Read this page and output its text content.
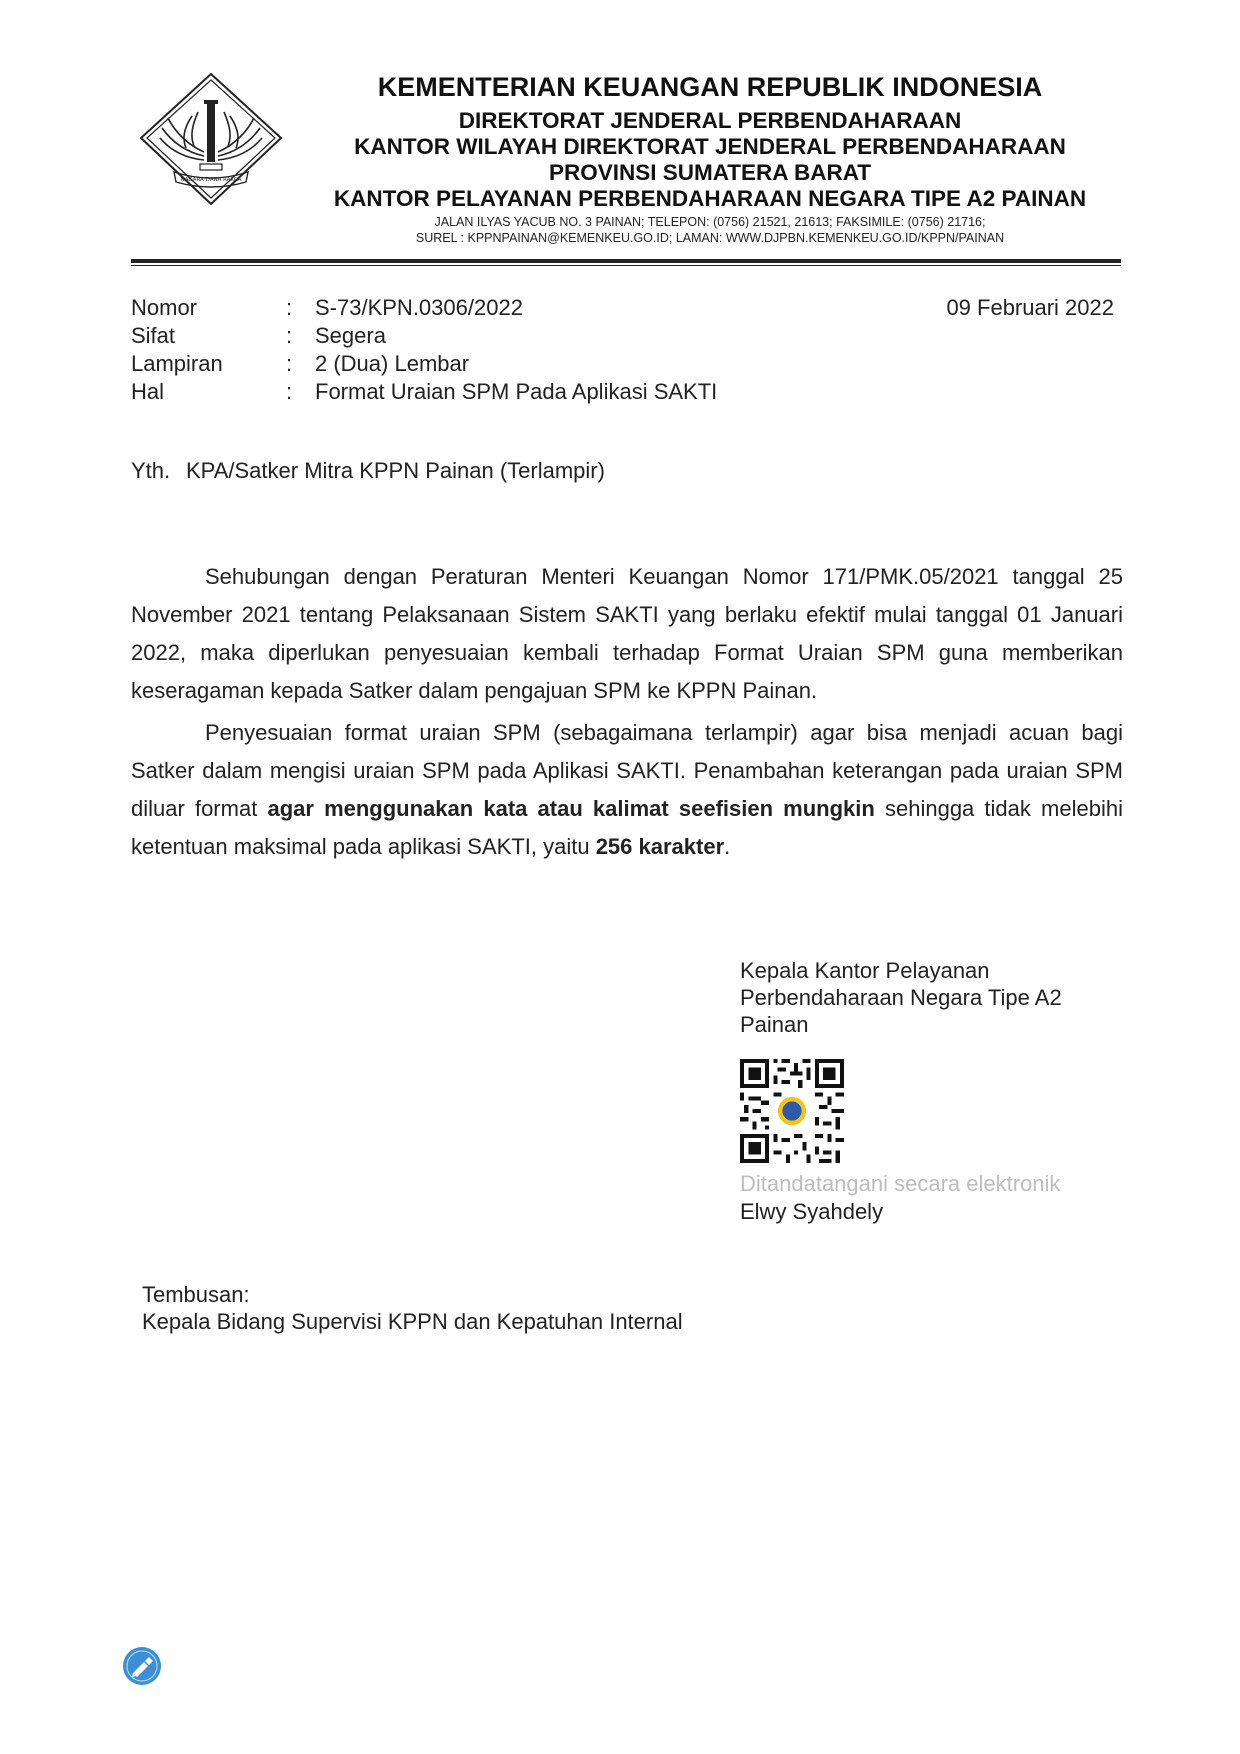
NAGARA DANA RAKCA
KEMENTERIAN KEUANGAN REPUBLIK INDONESIA
DIREKTORAT JENDERAL PERBENDAHARAAN
KANTOR WILAYAH DIREKTORAT JENDERAL PERBENDAHARAAN
PROVINSI SUMATERA BARAT
KANTOR PELAYANAN PERBENDAHARAAN NEGARA TIPE A2 PAINAN
JALAN ILYAS YACUB NO. 3 PAINAN; TELEPON: (0756) 21521, 21613; FAKSIMILE: (0756) 21716;
SUREL : KPPNPAINAN@KEMENKEU.GO.ID; LAMAN: WWW.DJPBN.KEMENKEU.GO.ID/KPPN/PAINAN
Nomor	: S-73/KPN.0306/2022	09 Februari 2022
Sifat	: Segera
Lampiran	: 2 (Dua) Lembar
Hal	: Format Uraian SPM Pada Aplikasi SAKTI
Yth. KPA/Satker Mitra KPPN Painan (Terlampir)
Sehubungan dengan Peraturan Menteri Keuangan Nomor 171/PMK.05/2021 tanggal 25 November 2021 tentang Pelaksanaan Sistem SAKTI yang berlaku efektif mulai tanggal 01 Januari 2022, maka diperlukan penyesuaian kembali terhadap Format Uraian SPM guna memberikan keseragaman kepada Satker dalam pengajuan SPM ke KPPN Painan.
Penyesuaian format uraian SPM (sebagaimana terlampir) agar bisa menjadi acuan bagi Satker dalam mengisi uraian SPM pada Aplikasi SAKTI. Penambahan keterangan pada uraian SPM diluar format agar menggunakan kata atau kalimat seefisien mungkin sehingga tidak melebihi ketentuan maksimal pada aplikasi SAKTI, yaitu 256 karakter.
Kepala Kantor Pelayanan
Perbendaharaan Negara Tipe A2
Painan
Ditandatangani secara elektronik
Elwy Syahdely
Tembusan:
Kepala Bidang Supervisi KPPN dan Kepatuhan Internal
